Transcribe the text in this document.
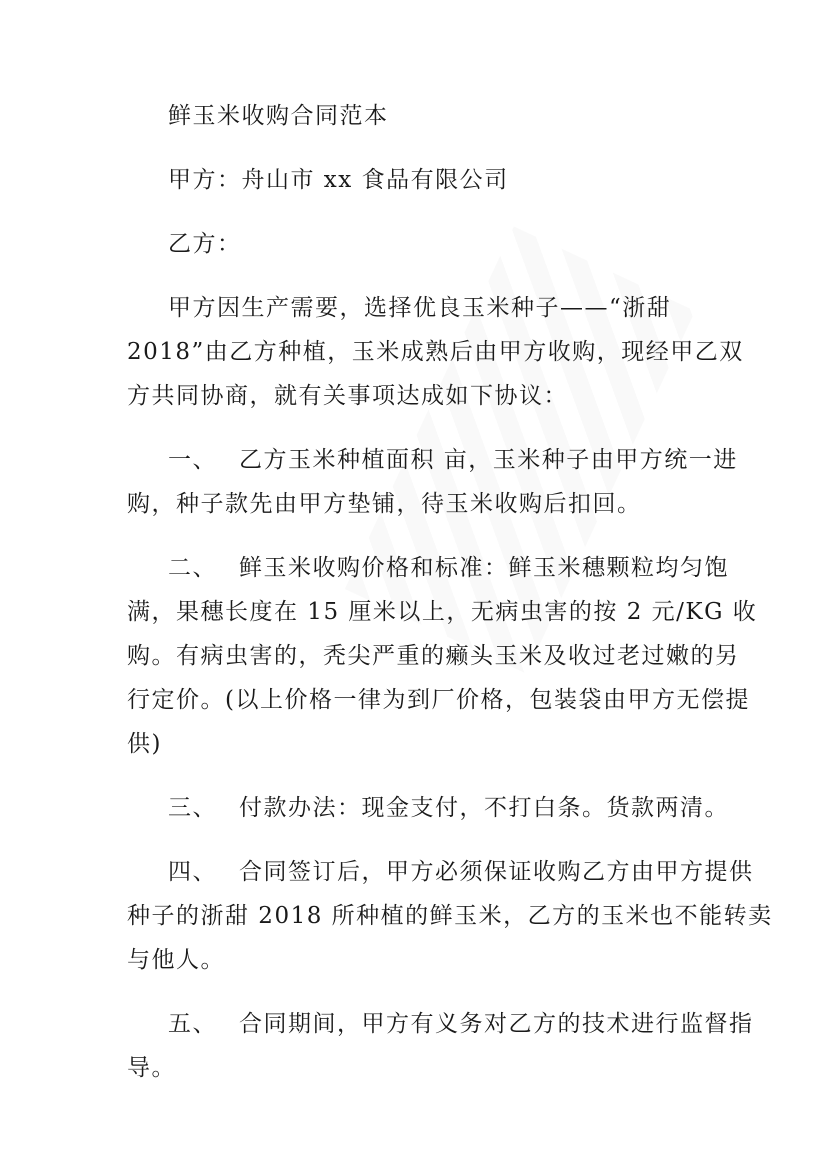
鲜玉米收购合同范本
甲方：舟山市 xx 食品有限公司
乙方：
甲方因生产需要，选择优良玉米种子——“浙甜
2018”由乙方种植，玉米成熟后由甲方收购，现经甲乙双
方共同协商，就有关事项达成如下协议：
一、 乙方玉米种植面积 亩，玉米种子由甲方统一进
购，种子款先由甲方垫铺，待玉米收购后扣回。
二、 鲜玉米收购价格和标准：鲜玉米穗颗粒均匀饱
满，果穗长度在 15 厘米以上，无病虫害的按 2 元/KG 收
购。有病虫害的，秃尖严重的癞头玉米及收过老过嫩的另
行定价。(以上价格一律为到厂价格，包装袋由甲方无偿提
供)
三、 付款办法：现金支付，不打白条。货款两清。
四、 合同签订后，甲方必须保证收购乙方由甲方提供
种子的浙甜 2018 所种植的鲜玉米，乙方的玉米也不能转卖
与他人。
五、 合同期间，甲方有义务对乙方的技术进行监督指
导。
